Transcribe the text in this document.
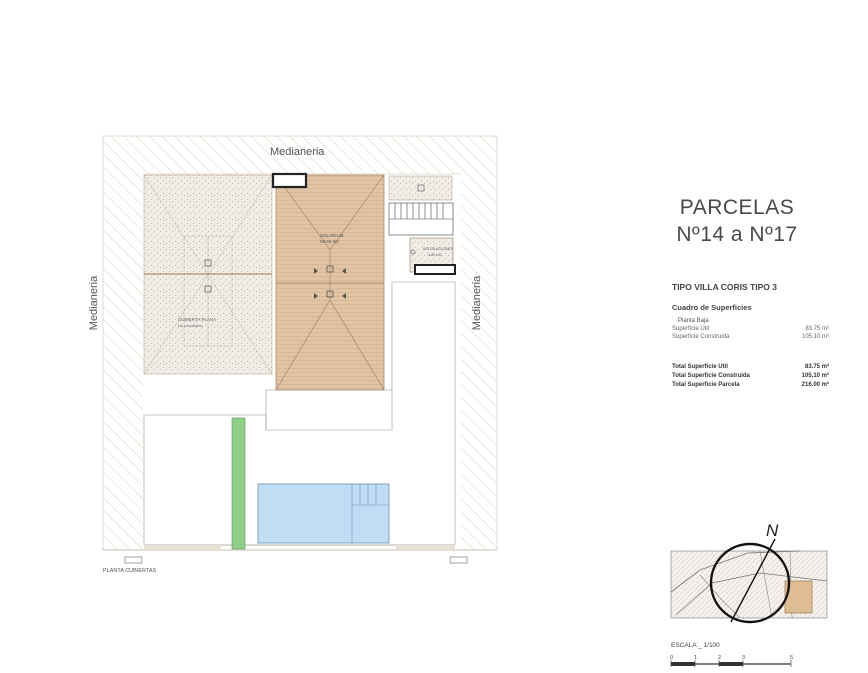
Medianeria
Medianeria	Medianeria
PLANTA CUBIERTAS
CUBIERTA PLANA
No transitable
SOLARIUM
59.60 m2
INSTALACIONES
4.80 m2
PARCELAS
Nº14 a Nº17
TIPO VILLA CORIS TIPO 3
Cuadro de Superficies
Planta Baja
Superficie Util	83.75 m²
Superficie Construida	105.10 m²
Total Superficie Util	83.75 m²
Total Superficie Construida	105.10 m²
Total Superficie Parcela	216.00 m²
N
ESCALA _ 1/100
0	1	2	3	5
